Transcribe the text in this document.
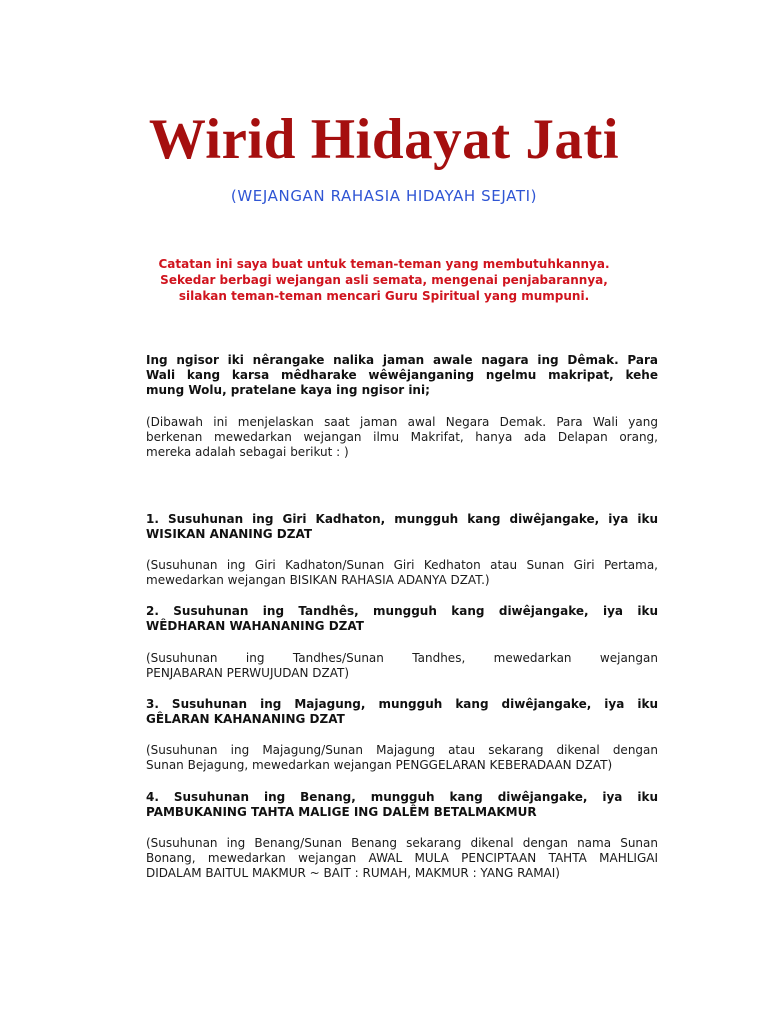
Wirid Hidayat Jati

(WEJANGAN RAHASIA HIDAYAH SEJATI)

Catatan ini saya buat untuk teman-teman yang membutuhkannya.
Sekedar berbagi wejangan asli semata, mengenai penjabarannya,
silakan teman-teman mencari Guru Spiritual yang mumpuni.

Ing ngisor iki nêrangake nalika jaman awale nagara ing Dêmak. Para
Wali kang karsa mêdharake wêwêjanganing ngelmu makripat, kehe
mung Wolu, pratelane kaya ing ngisor ini;

(Dibawah ini menjelaskan saat jaman awal Negara Demak. Para Wali yang
berkenan mewedarkan wejangan ilmu Makrifat, hanya ada Delapan orang,
mereka adalah sebagai berikut : )

1. Susuhunan ing Giri Kadhaton, mungguh kang diwêjangake, iya iku
WISIKAN ANANING DZAT

(Susuhunan ing Giri Kadhaton/Sunan Giri Kedhaton atau Sunan Giri Pertama,
mewedarkan wejangan BISIKAN RAHASIA ADANYA DZAT.)

2. Susuhunan ing Tandhês, mungguh kang diwêjangake, iya iku
WÊDHARAN WAHANANING DZAT

(Susuhunan ing Tandhes/Sunan Tandhes, mewedarkan wejangan
PENJABARAN PERWUJUDAN DZAT)

3. Susuhunan ing Majagung, mungguh kang diwêjangake, iya iku
GÊLARAN KAHANANING DZAT

(Susuhunan ing Majagung/Sunan Majagung atau sekarang dikenal dengan
Sunan Bejagung, mewedarkan wejangan PENGGELARAN KEBERADAAN DZAT)

4. Susuhunan ing Benang, mungguh kang diwêjangake, iya iku
PAMBUKANING TAHTA MALIGE ING DALÊM BETALMAKMUR

(Susuhunan ing Benang/Sunan Benang sekarang dikenal dengan nama Sunan
Bonang, mewedarkan wejangan AWAL MULA PENCIPTAAN TAHTA MAHLIGAI
DIDALAM BAITUL MAKMUR ~ BAIT : RUMAH, MAKMUR : YANG RAMAI)
